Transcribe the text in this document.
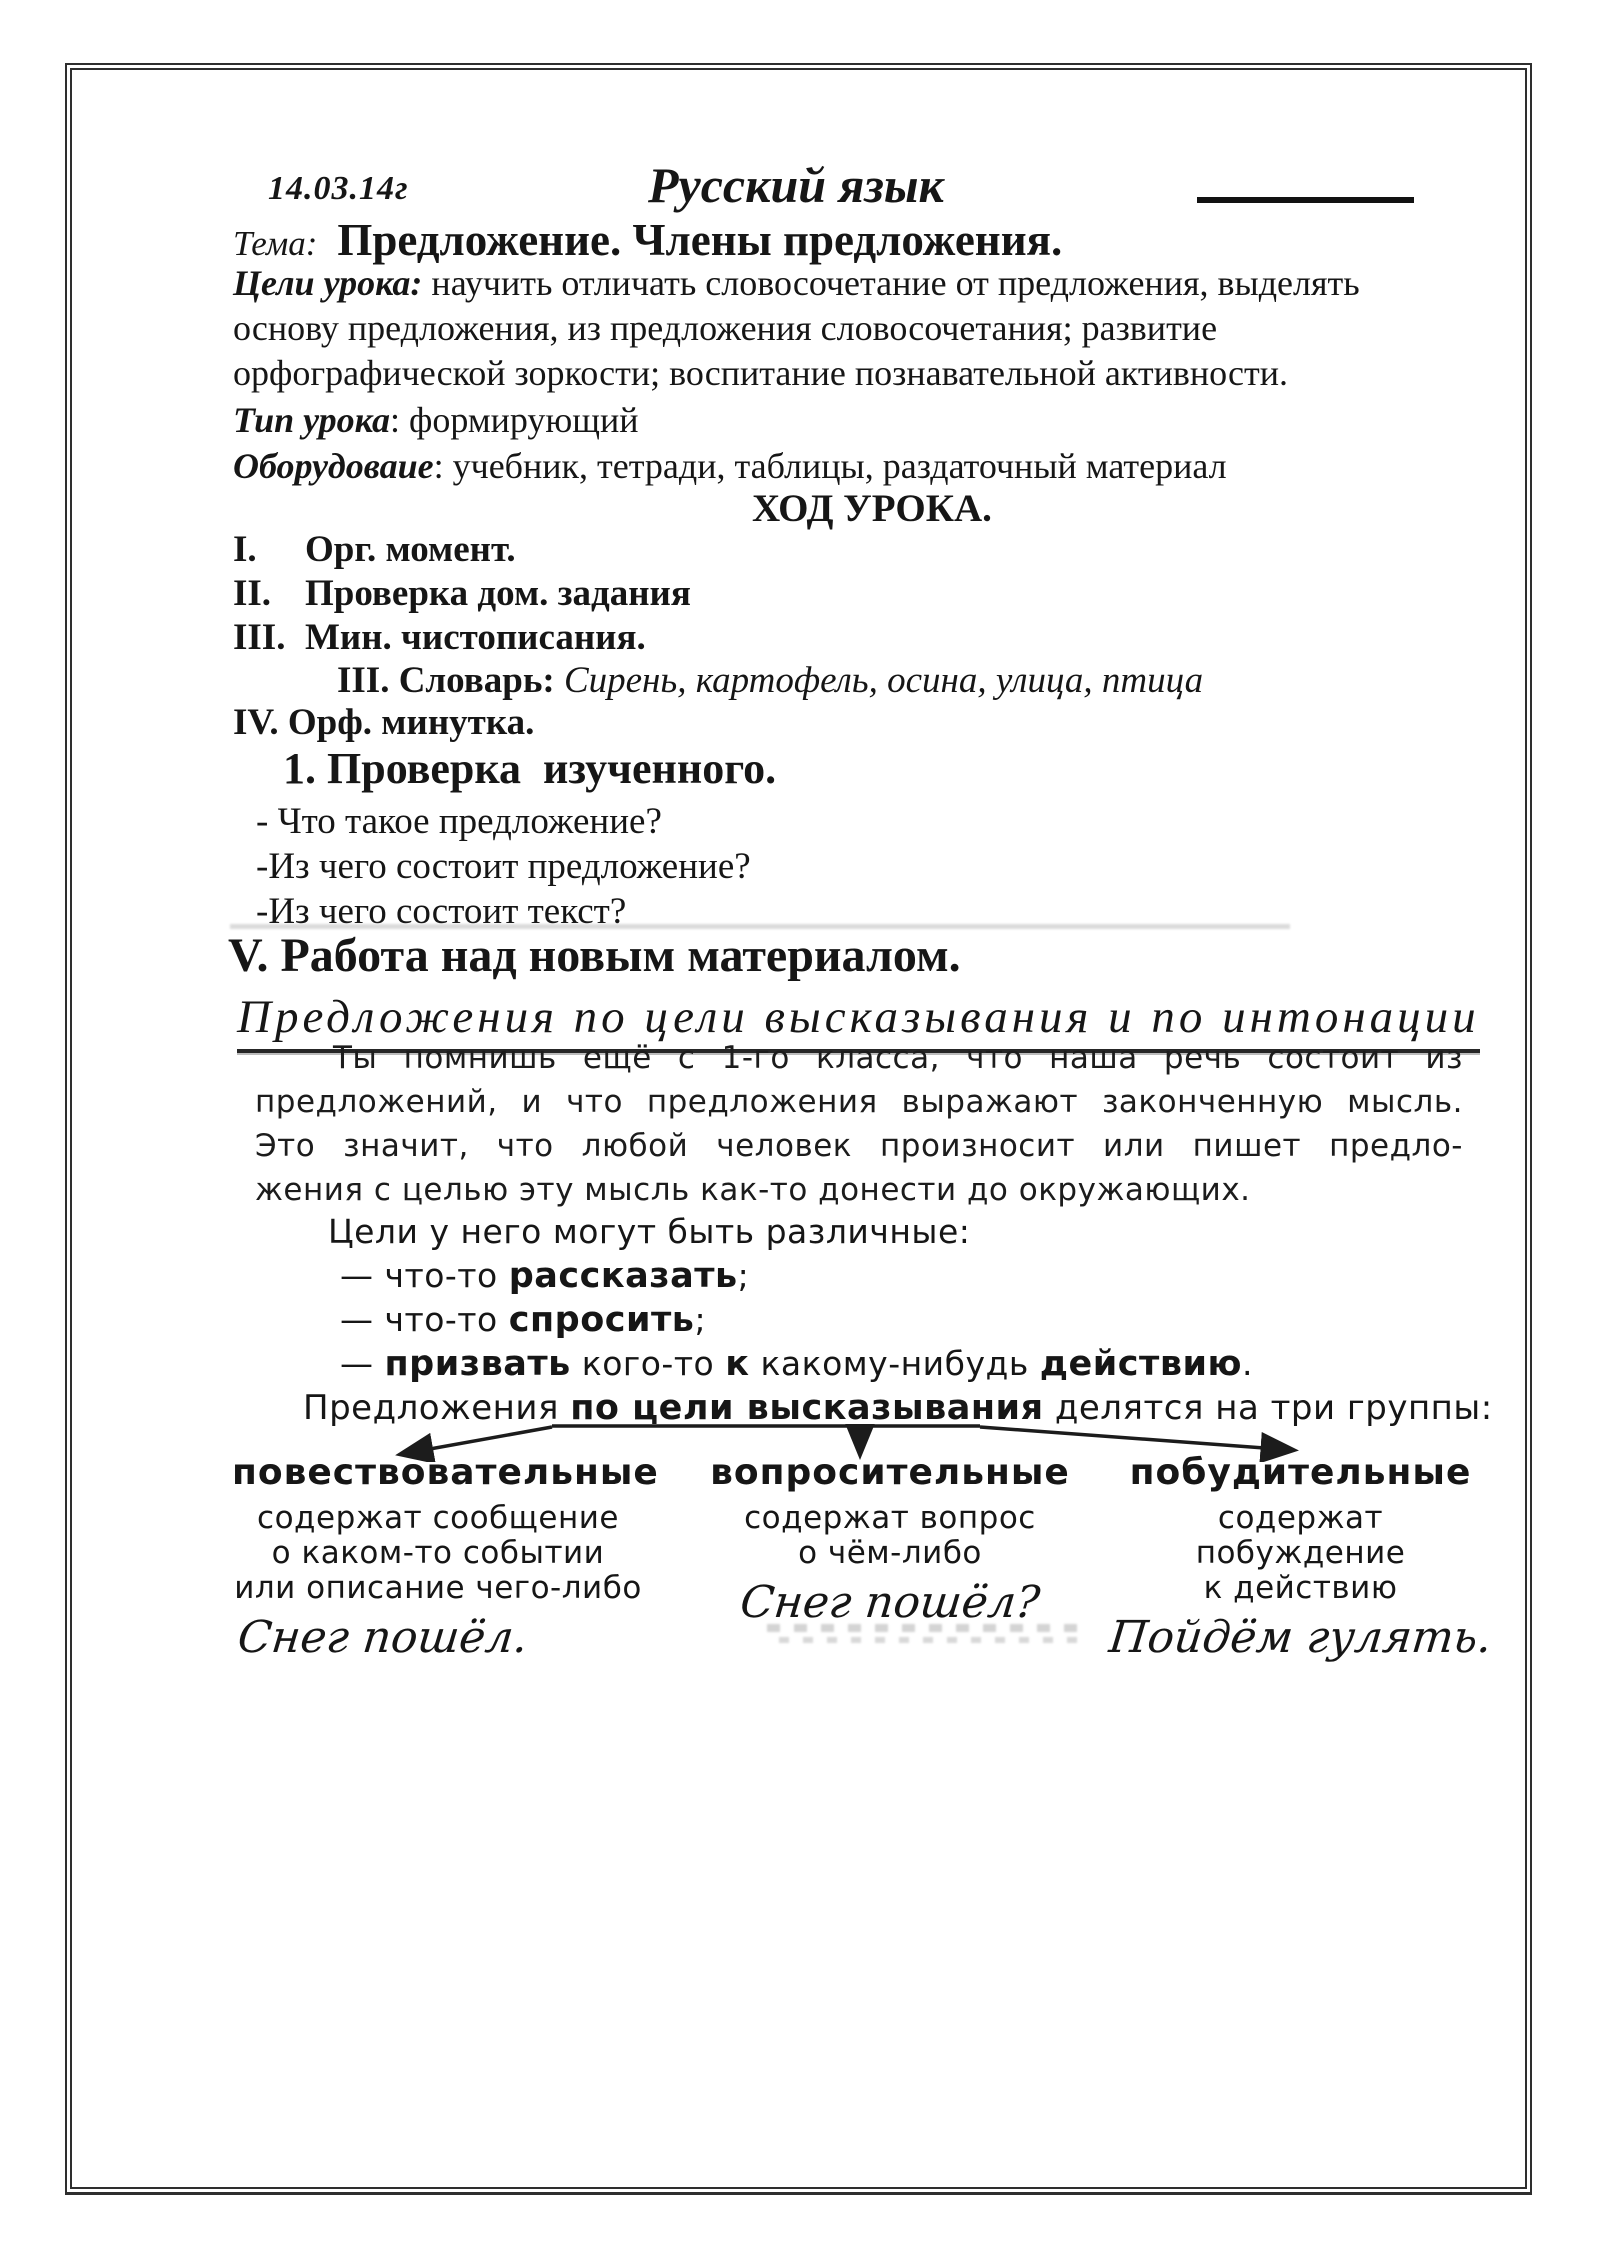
14.03.14г	Русский язык
Тема: Предложение. Члены предложения.
Цели урока: научить отличать словосочетание от предложения, выделять
основу предложения, из предложения словосочетания; развитие
орфографической зоркости; воспитание познавательной активности.
Тип урока: формирующий
Оборудоваие: учебник, тетради, таблицы, раздаточный материал
ХОД УРОКА.
I. Орг. момент.
II. Проверка дом. задания
III. Мин. чистописания.
III. Словарь: Сирень, картофель, осина, улица, птица
IV. Орф. минутка.
1. Проверка  изученного.
- Что такое предложение?
-Из чего состоит предложение?
-Из чего состоит текст?
V. Работа над новым материалом.
Предложения по цели высказывания и по интонации
Ты помнишь ещё с 1-го класса, что наша речь состоит из
предложений, и что предложения выражают законченную мысль.
Это значит, что любой человек произносит или пишет предло-
жения с целью эту мысль как-то донести до окружающих.
Цели у него могут быть различные:
— что-то рассказать;
— что-то спросить;
— призвать кого-то к какому-нибудь действию.
Предложения по цели высказывания делятся на три группы:
повествовательные
содержат сообщение
о каком-то событии
или описание чего-либо
Снег пошёл.
вопросительные
содержат вопрос
о чём-либо
Снег пошёл?
побудительные
содержат побуждение
к действию
Пойдём гулять.
